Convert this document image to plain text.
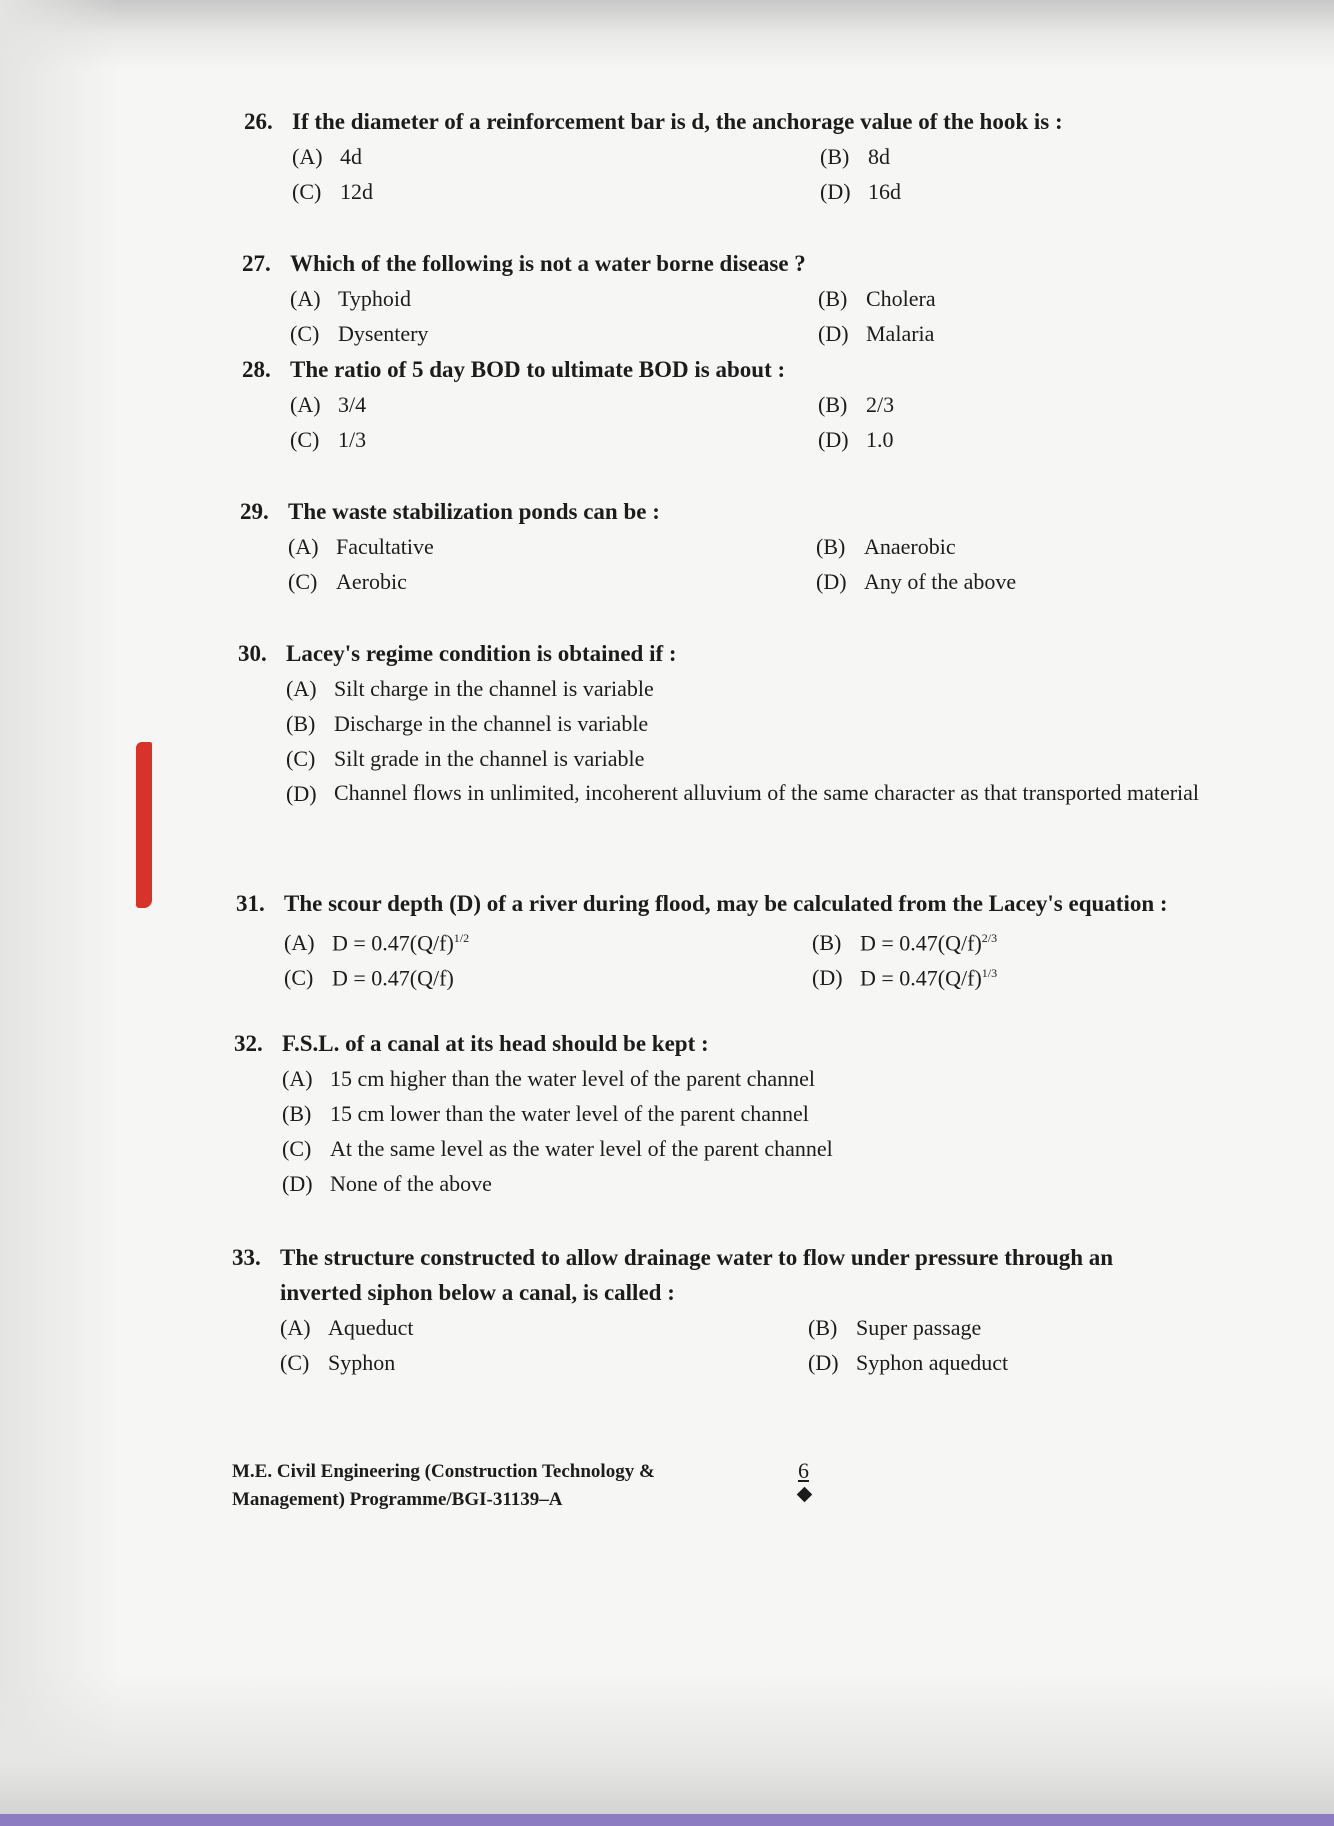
26. If the diameter of a reinforcement bar is d, the anchorage value of the hook is :
(A) 4d	(B) 8d
(C) 12d	(D) 16d
27. Which of the following is not a water borne disease ?
(A) Typhoid	(B) Cholera
(C) Dysentery	(D) Malaria
28. The ratio of 5 day BOD to ultimate BOD is about :
(A) 3/4	(B) 2/3
(C) 1/3	(D) 1.0
29. The waste stabilization ponds can be :
(A) Facultative	(B) Anaerobic
(C) Aerobic	(D) Any of the above
30. Lacey's regime condition is obtained if :
(A) Silt charge in the channel is variable
(B) Discharge in the channel is variable
(C) Silt grade in the channel is variable
(D) Channel flows in unlimited, incoherent alluvium of the same character as that transported material
31. The scour depth (D) of a river during flood, may be calculated from the Lacey's equation :
(A) $D = 0.47(Q/f)^{1/2}$	(B) $D = 0.47(Q/f)^{2/3}$
(C) D = 0.47(Q/f)	(D) $D = 0.47(Q/f)^{1/3}$
32. F.S.L. of a canal at its head should be kept :
(A) 15 cm higher than the water level of the parent channel
(B) 15 cm lower than the water level of the parent channel
(C) At the same level as the water level of the parent channel
(D) None of the above
33. The structure constructed to allow drainage water to flow under pressure through an
inverted siphon below a canal, is called :
(A) Aqueduct	(B) Super passage
(C) Syphon	(D) Syphon aqueduct
M.E. Civil Engineering (Construction Technology &
Management) Programme/BGI-31139–A
6
